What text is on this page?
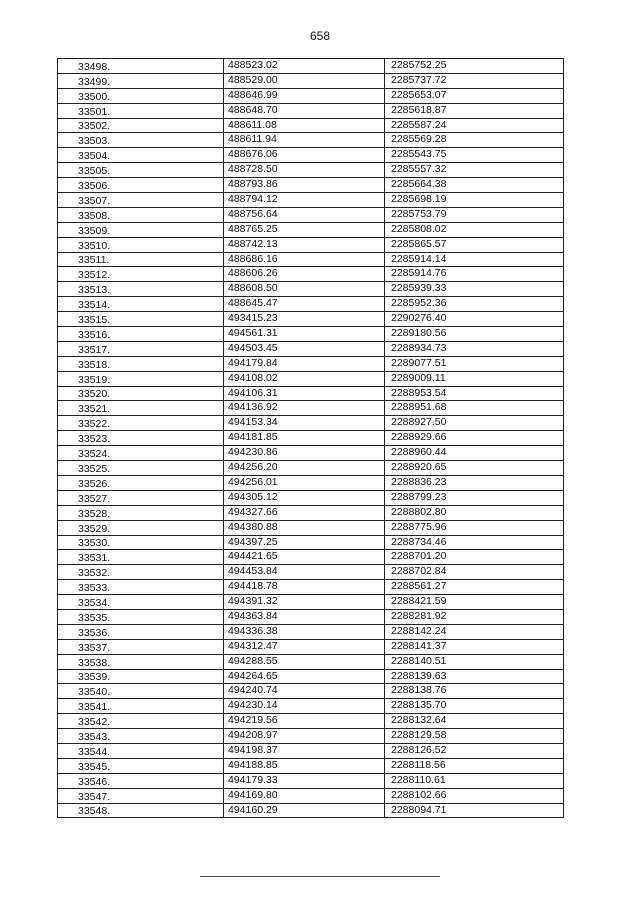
658
33498.	488523.02	2285752.25
33499.	488529.00	2285737.72
33500.	488646.99	2285653.07
33501.	488648.70	2285618.87
33502.	488611.08	2285587.24
33503.	488611.94	2285569.28
33504.	488676.06	2285543.75
33505.	488728.50	2285557.32
33506.	488793.86	2285664.38
33507.	488794.12	2285698.19
33508.	488756.64	2285753.79
33509.	488765.25	2285808.02
33510.	488742.13	2285865.57
33511.	488686.16	2285914.14
33512.	488606.26	2285914.76
33513.	488608.50	2285939.33
33514.	488645.47	2285952.36
33515.	493415.23	2290276.40
33516.	494561.31	2289180.56
33517.	494503.45	2288934.73
33518.	494179.84	2289077.51
33519.	494108.02	2289009.11
33520.	494106.31	2288953.54
33521.	494136.92	2288951.68
33522.	494153.34	2288927.50
33523.	494181.85	2288929.66
33524.	494230.86	2288960.44
33525.	494256.20	2288920.65
33526.	494256.01	2288836.23
33527.	494305.12	2288799.23
33528.	494327.66	2288802.80
33529.	494380.88	2288775.96
33530.	494397.25	2288734.46
33531.	494421.65	2288701.20
33532.	494453.84	2288702.84
33533.	494418.78	2288561.27
33534.	494391.32	2288421.59
33535.	494363.84	2288281.92
33536.	494336.38	2288142.24
33537.	494312.47	2288141.37
33538.	494288.55	2288140.51
33539.	494264.65	2288139.63
33540.	494240.74	2288138.76
33541.	494230.14	2288135.70
33542.	494219.56	2288132.64
33543.	494208.97	2288129.58
33544.	494198.37	2288126.52
33545.	494188.85	2288118.56
33546.	494179.33	2288110.61
33547.	494169.80	2288102.66
33548.	494160.29	2288094.71
